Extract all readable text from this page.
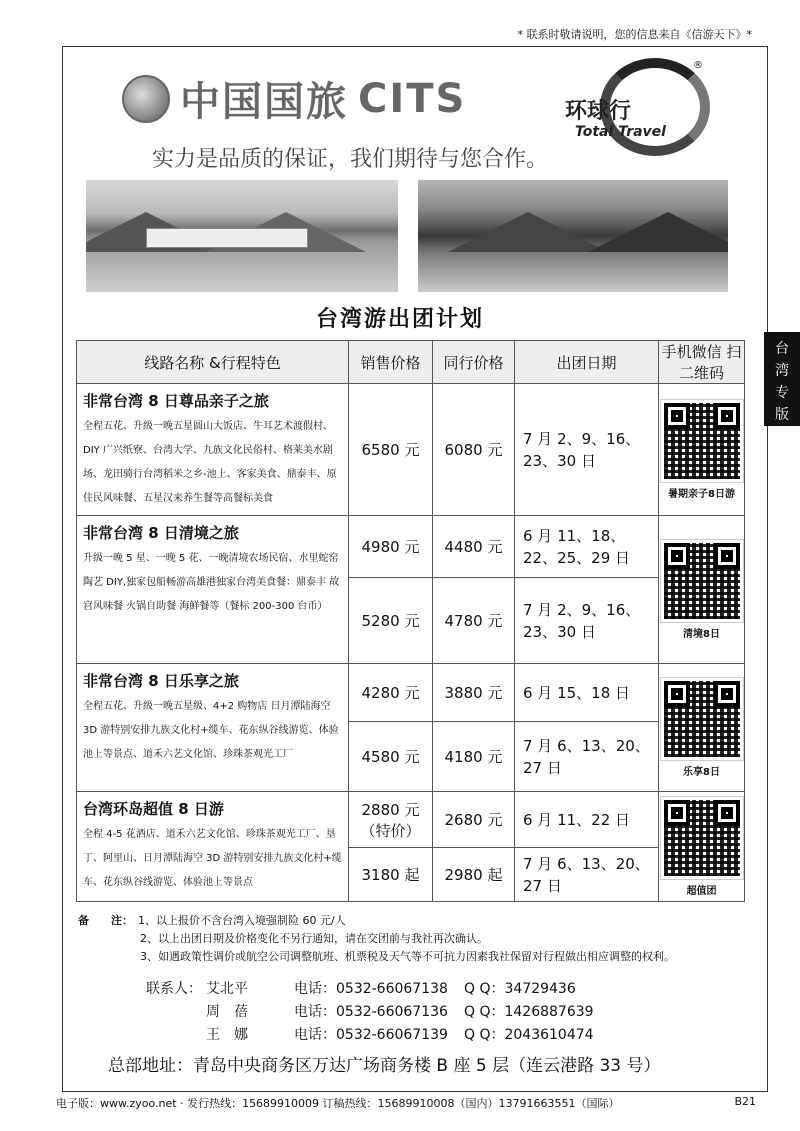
* 联系时敬请说明，您的信息来自《信游天下》*
中国国旅 CITS	环球行
Total Travel
®
实力是品质的保证，我们期待与您合作。
台湾游出团计划
台
湾
专
版
线路名称 &行程特色	销售价格	同行价格	出团日期	手机微信 扫二维码

非常台湾 8 日尊品亲子之旅
全程五花、升级一晚五星圆山大饭店、牛耳艺术渡假村、DIY 广兴纸寮、台湾大学、九族文化民俗村、格莱美水剧场、龙田骑行台湾稻米之乡-池上、客家美食、鼎泰丰、原住民风味餐、五星汉来养生餐等高餐标美食	6580 元	6080 元	7 月 2、9、16、23、30 日	暑期亲子8日游

非常台湾 8 日清境之旅
升级一晚 5 星、一晚 5 花、一晚清境农场民宿、水里蛇窑陶艺 DIY,独家包船畅游高雄港独家台湾美食餐：鼎泰丰 故宫风味餐 火锅自助餐 海鲜餐等（餐标 200-300 台币）	4980 元	4480 元	6 月 11、18、22、25、29 日	清境8日

	5280 元	4780 元	7 月 2、9、16、23、30 日	

非常台湾 8 日乐享之旅
全程五花、升级一晚五星级、4+2 购物店 日月潭陆海空 3D 游特别安排九族文化村+缆车、花东纵谷线游览、体验池上等景点、道禾六艺文化馆、珍珠茶观光工厂	4280 元	3880 元	6 月 15、18 日	乐享8日

	4580 元	4180 元	7 月 6、13、20、27 日	

台湾环岛超值 8 日游
全程 4-5 花酒店、道禾六艺文化馆、珍珠茶观光工厂、垦丁、阿里山、日月潭陆海空 3D 游特别安排九族文化村+缆车、花东纵谷线游览、体验池上等景点	2880 元（特价）	2680 元	6 月 11、22 日	超值团

	3180 起	2980 起	7 月 6、13、20、27 日	
备　　注： 1、以上报价不含台湾入境强制险 60 元/人
2、以上出团日期及价格变化不另行通知，请在交团前与我社再次确认。
3、如遇政策性调价或航空公司调整航班、机票税及天气等不可抗力因素我社保留对行程做出相应调整的权利。
联系人： 艾北平	电话：0532-66067138	Q Q：34729436
周　蓓	电话：0532-66067136	Q Q：1426887639
王　娜	电话：0532-66067139	Q Q：2043610474
总部地址：青岛中央商务区万达广场商务楼 B 座 5 层（连云港路 33 号）
电子版：www.zyoo.net · 发行热线：15689910009 订稿热线：15689910008（国内）13791663551（国际）	B21
